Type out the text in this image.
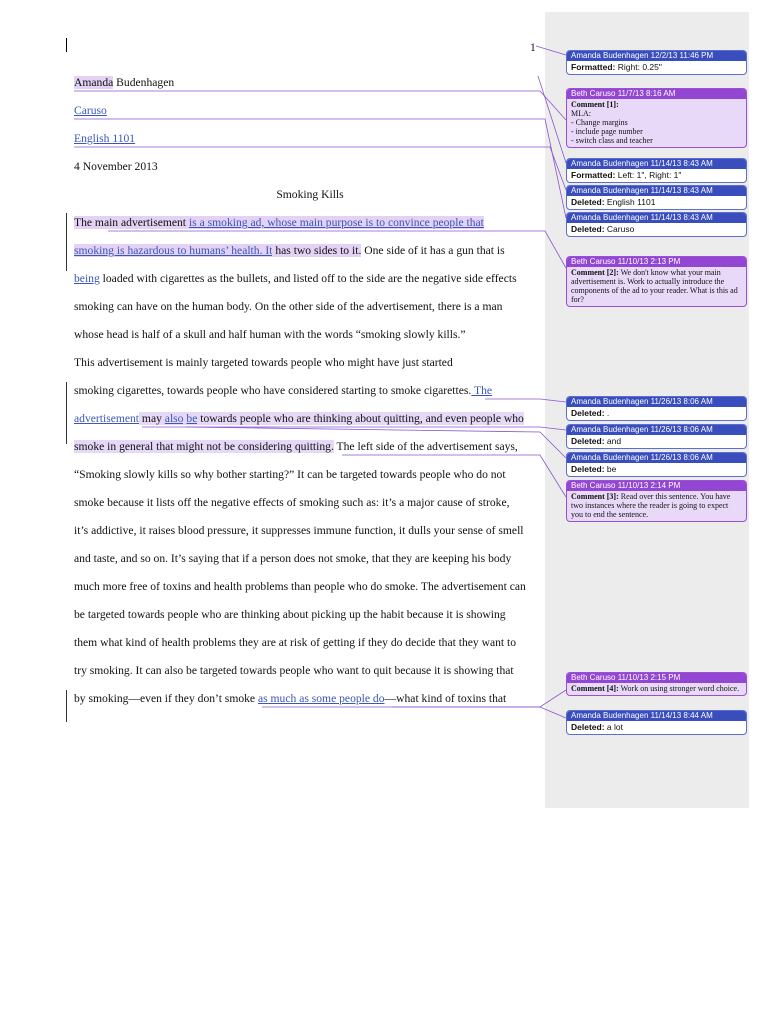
1
Amanda Budenhagen
Caruso
English 1101
4 November 2013
Smoking Kills
The main advertisement is a smoking ad, whose main purpose is to convince people that
smoking is hazardous to humans’ health. It has two sides to it. One side of it has a gun that is
being loaded with cigarettes as the bullets, and listed off to the side are the negative side effects
smoking can have on the human body. On the other side of the advertisement, there is a man
whose head is half of a skull and half human with the words “smoking slowly kills.”
This advertisement is mainly targeted towards people who might have just started
smoking cigarettes, towards people who have considered starting to smoke cigarettes. The
advertisement may also be towards people who are thinking about quitting, and even people who
smoke in general that might not be considering quitting. The left side of the advertisement says,
“Smoking slowly kills so why bother starting?” It can be targeted towards people who do not
smoke because it lists off the negative effects of smoking such as: it’s a major cause of stroke,
it’s addictive, it raises blood pressure, it suppresses immune function, it dulls your sense of smell
and taste, and so on. It’s saying that if a person does not smoke, that they are keeping his body
much more free of toxins and health problems than people who do smoke. The advertisement can
be targeted towards people who are thinking about picking up the habit because it is showing
them what kind of health problems they are at risk of getting if they do decide that they want to
try smoking. It can also be targeted towards people who want to quit because it is showing that
by smoking—even if they don’t smoke as much as some people do—what kind of toxins that
Amanda Budenhagen 12/2/13 11:46 PM
Formatted: Right: 0.25"
Beth Caruso 11/7/13 8:16 AM
Comment [1]:
MLA:
- Change margins
- include page number
- switch class and teacher
Amanda Budenhagen 11/14/13 8:43 AM
Formatted: Left: 1", Right: 1"
Amanda Budenhagen 11/14/13 8:43 AM
Deleted: English 1101
Amanda Budenhagen 11/14/13 8:43 AM
Deleted: Caruso
Beth Caruso 11/10/13 2:13 PM
Comment [2]: We don't know what your main advertisement is. Work to actually introduce the components of the ad to your reader. What is this ad for?
Amanda Budenhagen 11/26/13 8:06 AM
Deleted: .
Amanda Budenhagen 11/26/13 8:06 AM
Deleted: and
Amanda Budenhagen 11/26/13 8:06 AM
Deleted: be
Beth Caruso 11/10/13 2:14 PM
Comment [3]: Read over this sentence. You have two instances where the reader is going to expect you to end the sentence.
Beth Caruso 11/10/13 2:15 PM
Comment [4]: Work on using stronger word choice.
Amanda Budenhagen 11/14/13 8:44 AM
Deleted: a lot
